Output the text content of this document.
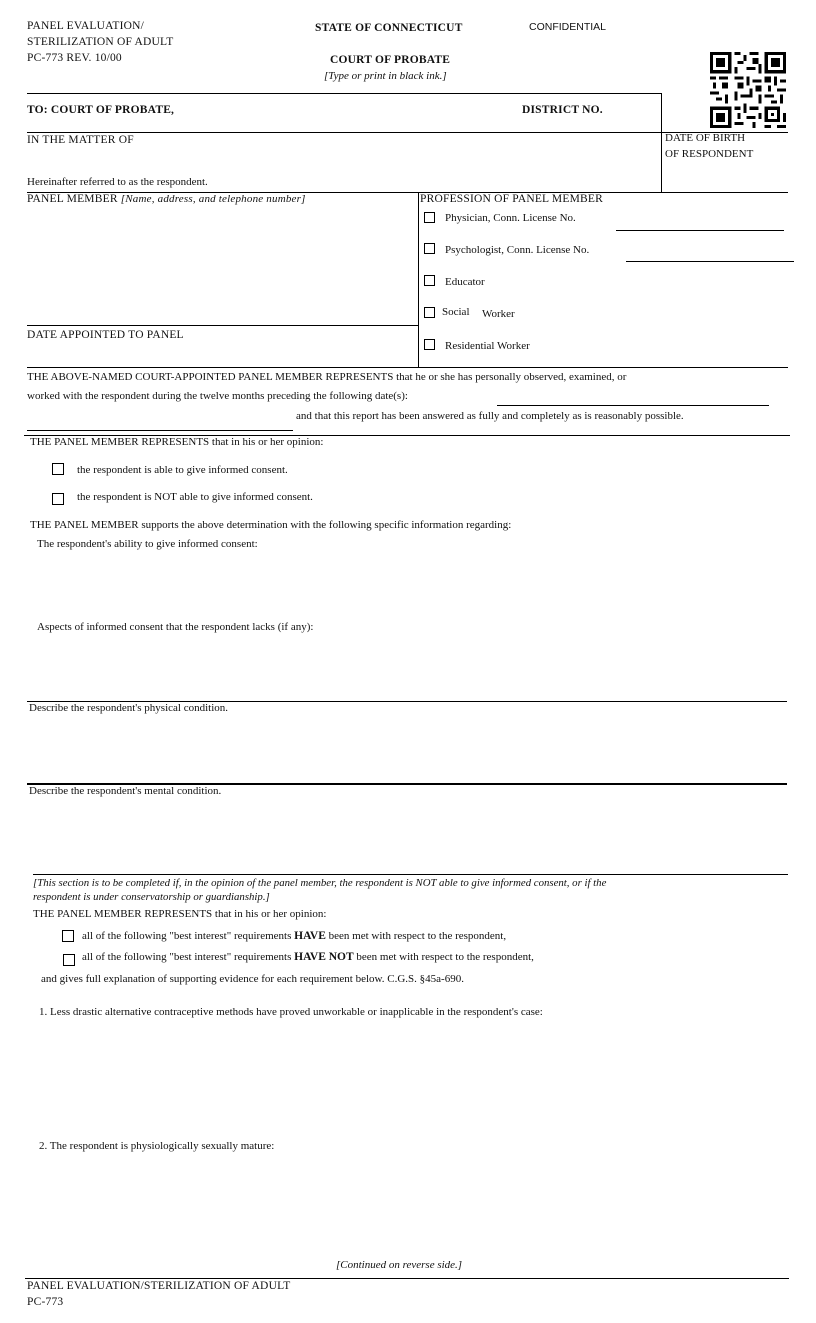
PANEL EVALUATION/
STERILIZATION OF ADULT
PC-773 REV. 10/00
STATE OF CONNECTICUT	CONFIDENTIAL
COURT OF PROBATE
[Type or print in black ink.]
TO: COURT OF PROBATE,	DISTRICT NO.
IN THE MATTER OF	DATE OF BIRTH
OF RESPONDENT
Hereinafter referred to as the respondent.
PANEL MEMBER [Name, address, and telephone number]
DATE APPOINTED TO PANEL
PROFESSION OF PANEL MEMBER
Physician, Conn. License No.
Psychologist, Conn. License No.
Educator
Social Worker
Residential Worker
THE ABOVE-NAMED COURT-APPOINTED PANEL MEMBER REPRESENTS that he or she has personally observed, examined, or
worked with the respondent during the twelve months preceding the following date(s):
and that this report has been answered as fully and completely as is reasonably possible.
THE PANEL MEMBER REPRESENTS that in his or her opinion:
the respondent is able to give informed consent.
the respondent is NOT able to give informed consent.
THE PANEL MEMBER supports the above determination with the following specific information regarding:
The respondent's ability to give informed consent:
Aspects of informed consent that the respondent lacks (if any):
Describe the respondent's physical condition.
Describe the respondent's mental condition.
[This section is to be completed if, in the opinion of the panel member, the respondent is NOT able to give informed consent, or if the
respondent is under conservatorship or guardianship.]
THE PANEL MEMBER REPRESENTS that in his or her opinion:
all of the following "best interest" requirements HAVE been met with respect to the respondent,
all of the following "best interest" requirements HAVE NOT been met with respect to the respondent,
and gives full explanation of supporting evidence for each requirement below. C.G.S. §45a-690.
1. Less drastic alternative contraceptive methods have proved unworkable or inapplicable in the respondent's case:
2. The respondent is physiologically sexually mature:
[Continued on reverse side.]
PANEL EVALUATION/STERILIZATION OF ADULT
PC-773
